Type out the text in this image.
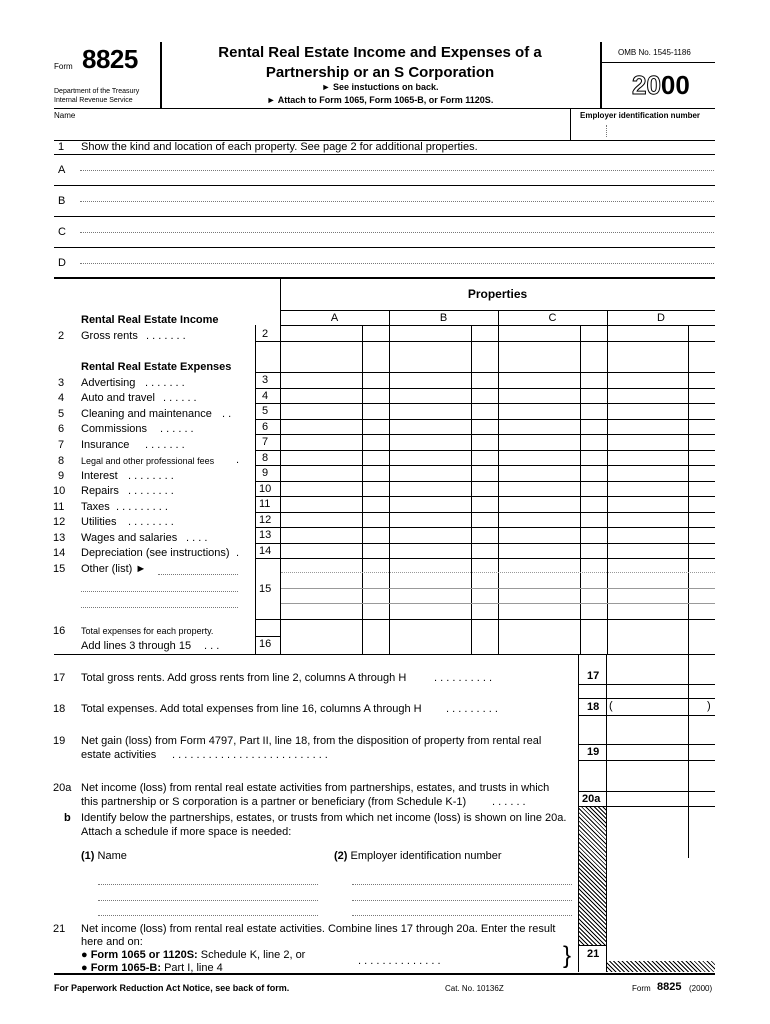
Form 8825
Department of the Treasury
Internal Revenue Service
Rental Real Estate Income and Expenses of a
Partnership or an S Corporation
► See instuctions on back.
► Attach to Form 1065, Form 1065-B, or Form 1120S.
OMB No. 1545-1186
2000
Name	Employer identification number
1 Show the kind and location of each property. See page 2 for additional properties.
A
B
C
D
Properties
A	B	C	D
Rental Real Estate Income
2 Gross rents . . . . . . .	2
Rental Real Estate Expenses
3 Advertising . . . . . . .	3
4 Auto and travel . . . . . .	4
5 Cleaning and maintenance . .	5
6 Commissions . . . . . .	6
7 Insurance . . . . . . .	7
8 Legal and other professional fees . 8
9 Interest . . . . . . . .	9
10 Repairs . . . . . . . .	10
11 Taxes . . . . . . . . .	11
12 Utilities . . . . . . . .	12
13 Wages and salaries . . . .	13
14 Depreciation (see instructions) . 14
15 Other (list) ►
15
16 Total expenses for each property.
Add lines 3 through 15 . . .	16
17 Total gross rents. Add gross rents from line 2, columns A through H	. . . . . . . . . .	17
18 Total expenses. Add total expenses from line 16, columns A through H . . . . . . . . .	18 (	)
19 Net gain (loss) from Form 4797, Part II, line 18, from the disposition of property from rental real
estate activities . . . . . . . . . . . . . . . . . . . . . . . . . .	19
20a Net income (loss) from rental real estate activities from partnerships, estates, and trusts in which
this partnership or S corporation is a partner or beneficiary (from Schedule K-1) . . . . . .	20a
b Identify below the partnerships, estates, or trusts from which net income (loss) is shown on line 20a.
Attach a schedule if more space is needed:
(1) Name	(2) Employer identification number
21 Net income (loss) from rental real estate activities. Combine lines 17 through 20a. Enter the result
here and on:
● Form 1065 or 1120S: Schedule K, line 2, or
● Form 1065-B: Part I, line 4
. . . . . . . . . . . . . .	} 21
For Paperwork Reduction Act Notice, see back of form.	Cat. No. 10136Z	Form 8825 (2000)
